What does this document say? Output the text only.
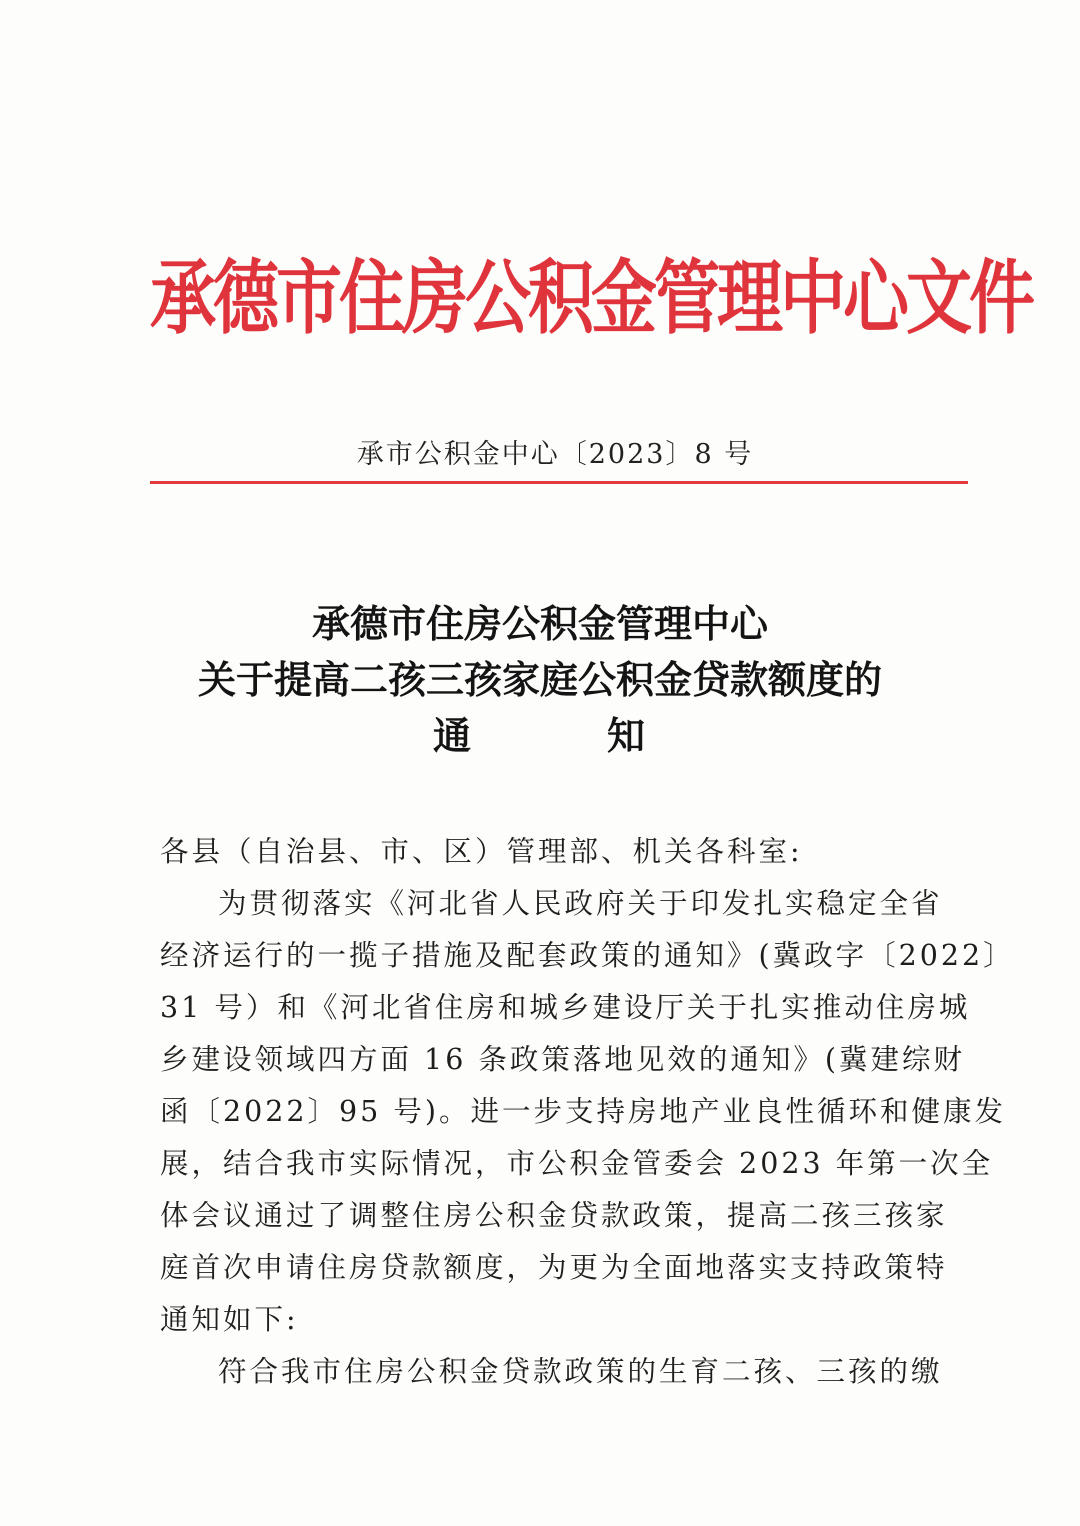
承德市住房公积金管理中心文件
承市公积金中心〔2023〕8 号
承德市住房公积金管理中心
关于提高二孩三孩家庭公积金贷款额度的
通	知
各县（自治县、市、区）管理部、机关各科室:
为贯彻落实《河北省人民政府关于印发扎实稳定全省
经济运行的一揽子措施及配套政策的通知》(冀政字〔2022〕
31 号）和《河北省住房和城乡建设厅关于扎实推动住房城
乡建设领域四方面 16 条政策落地见效的通知》(冀建综财
函〔2022〕95 号)。进一步支持房地产业良性循环和健康发
展，结合我市实际情况，市公积金管委会 2023 年第一次全
体会议通过了调整住房公积金贷款政策，提高二孩三孩家
庭首次申请住房贷款额度，为更为全面地落实支持政策特
通知如下:
符合我市住房公积金贷款政策的生育二孩、三孩的缴
